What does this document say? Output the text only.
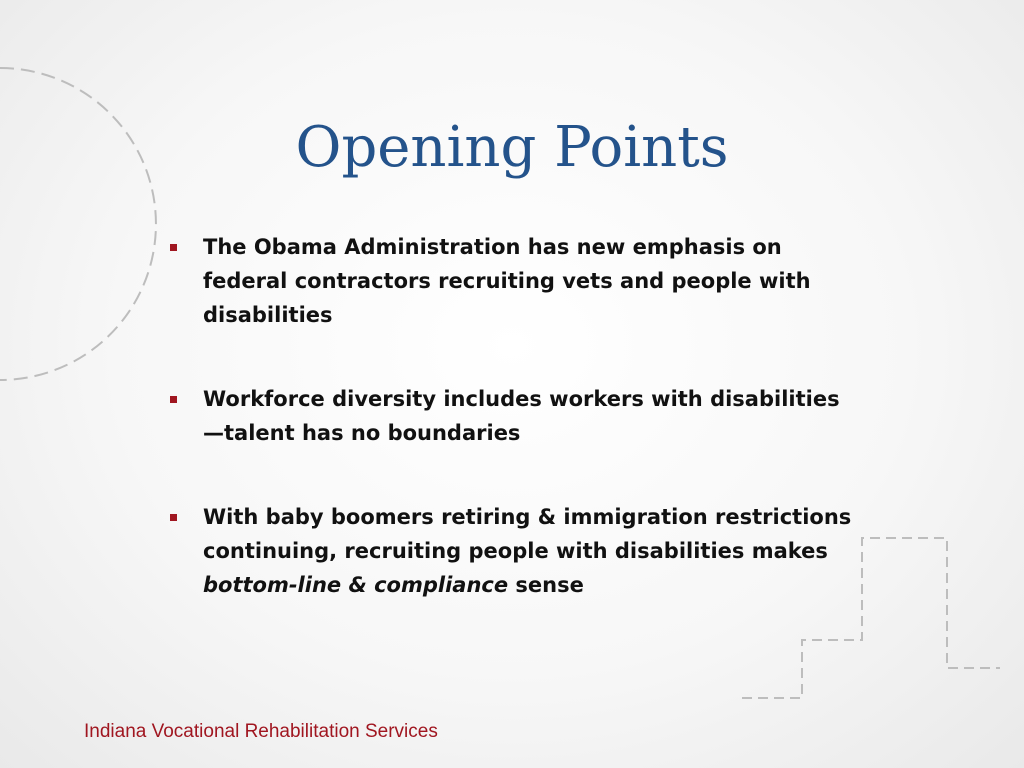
Opening Points
The Obama Administration has new emphasis on federal contractors recruiting vets and people with disabilities
Workforce diversity includes workers with disabilities—talent has no boundaries
With baby boomers retiring & immigration restrictions continuing, recruiting people with disabilities makes bottom-line & compliance sense
Indiana Vocational Rehabilitation Services
